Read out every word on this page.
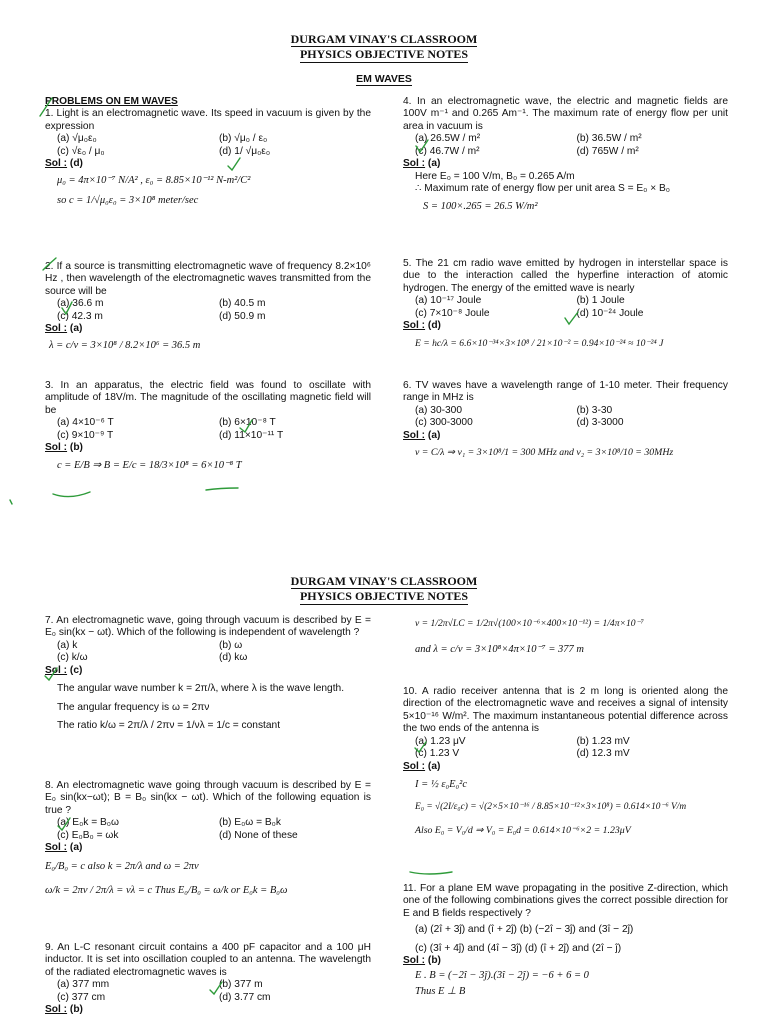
DURGAM VINAY'S CLASSROOM
PHYSICS OBJECTIVE NOTES
EM WAVES
PROBLEMS ON EM WAVES
1. Light is an electromagnetic wave. Its speed in vacuum is given by the expression
(a) √μ₀ε₀	(b) √μ₀ / ε₀
(c) √ε₀ / μ₀	(d) 1/ √μ₀ε₀
Sol : (d)
μ₀ = 4π×10⁻⁷ N/A² , ε₀ = 8.85×10⁻¹² N-m²/C²
so c = 1/√μ₀ε₀ = 3×10⁸ meter/sec
2. If a source is transmitting electromagnetic wave of frequency 8.2×10⁶ Hz , then wavelength of the electromagnetic waves transmitted from the source will be
(a) 36.6 m	(b) 40.5 m
(c) 42.3 m	(d) 50.9 m
Sol : (a)
λ = c/ν = 3×10⁸ / 8.2×10⁶ = 36.5 m
3. In an apparatus, the electric field was found to oscillate with amplitude of 18V/m. The magnitude of the oscillating magnetic field will be
(a) 4×10⁻⁶ T	(b) 6×10⁻⁸ T
(c) 9×10⁻⁹ T	(d) 11×10⁻¹¹ T
Sol : (b)
c = E/B ⇒ B = E/c = 18/3×10⁸ = 6×10⁻⁸ T
4. In an electromagnetic wave, the electric and magnetic fields are 100V m⁻¹ and 0.265 Am⁻¹. The maximum rate of energy flow per unit area in vacuum is
(a) 26.5W / m²	(b) 36.5W / m²
(c) 46.7W / m²	(d) 765W / m²
Sol : (a)
Here E₀ = 100 V/m, B₀ = 0.265 A/m
∴ Maximum rate of energy flow per unit area S = E₀ × B₀
S = 100×.265 = 26.5 W/m²
5. The 21 cm radio wave emitted by hydrogen in interstellar space is due to the interaction called the hyperfine interaction of atomic hydrogen. The energy of the emitted wave is nearly
(a) 10⁻¹⁷ Joule	(b) 1 Joule
(c) 7×10⁻⁸ Joule	(d) 10⁻²⁴ Joule
Sol : (d)
E = hc/λ = 6.6×10⁻³⁴×3×10⁸ / 21×10⁻² = 0.94×10⁻²⁴ ≈ 10⁻²⁴ J
6. TV waves have a wavelength range of 1-10 meter. Their frequency range in MHz is
(a) 30-300	(b) 3-30
(c) 300-3000	(d) 3-3000
Sol : (a)
ν = C/λ ⇒ ν₁ = 3×10⁸/1 = 300 MHz and ν₂ = 3×10⁸/10 = 30MHz
DURGAM VINAY'S CLASSROOM
PHYSICS OBJECTIVE NOTES
7. An electromagnetic wave, going through vacuum is described by E = E₀ sin(kx − ωt). Which of the following is independent of wavelength ?
(a) k	(b) ω
(c) k/ω	(d) kω
Sol : (c)
The angular wave number k = 2π/λ, where λ is the wave length.
The angular frequency is ω = 2πν
The ratio k/ω = 2π/λ / 2πν = 1/νλ = 1/c = constant
8. An electromagnetic wave going through vacuum is described by E = E₀ sin(kx−ωt); B = B₀ sin(kx − ωt). Which of the following equation is true ?
(a) E₀k = B₀ω	(b) E₀ω = B₀k
(c) E₀B₀ = ωk	(d) None of these
Sol : (a)
E₀/B₀ = c also k = 2π/λ and ω = 2πν
ω/k = 2πν / 2π/λ = νλ = c Thus E₀/B₀ = ω/k or E₀k = B₀ω
9. An L-C resonant circuit contains a 400 pF capacitor and a 100 μH inductor. It is set into oscillation coupled to an antenna. The wavelength of the radiated electromagnetic waves is
(a) 377 mm	(b) 377 m
(c) 377 cm	(d) 3.77 cm
Sol : (b)
ν = 1/2π√LC = 1/2π√(100×10⁻⁶×400×10⁻¹²) = 1/4π×10⁻⁷
and λ = c/ν = 3×10⁸×4π×10⁻⁷ = 377 m
10. A radio receiver antenna that is 2 m long is oriented along the direction of the electromagnetic wave and receives a signal of intensity 5×10⁻¹⁶ W/m². The maximum instantaneous potential difference across the two ends of the antenna is
(a) 1.23 μV	(b) 1.23 mV
(c) 1.23 V	(d) 12.3 mV
Sol : (a)
I = ½ ε₀E₀²c
E₀ = √(2I/ε₀c) = √(2×5×10⁻¹⁶ / 8.85×10⁻¹²×3×10⁸) = 0.614×10⁻⁶ V/m
Also E₀ = V₀/d ⇒ V₀ = E₀d = 0.614×10⁻⁶×2 = 1.23μV
11. For a plane EM wave propagating in the positive Z-direction, which one of the following combinations gives the correct possible direction for E and B fields respectively ?
(a) (2î + 3ĵ) and (î + 2ĵ) (b) (−2î − 3ĵ) and (3î − 2ĵ)
(c) (3î + 4ĵ) and (4î − 3ĵ) (d) (î + 2ĵ) and (2î − ĵ)
Sol : (b)
E . B = (−2î − 3ĵ).(3î − 2ĵ) = −6 + 6 = 0
Thus E ⊥ B
